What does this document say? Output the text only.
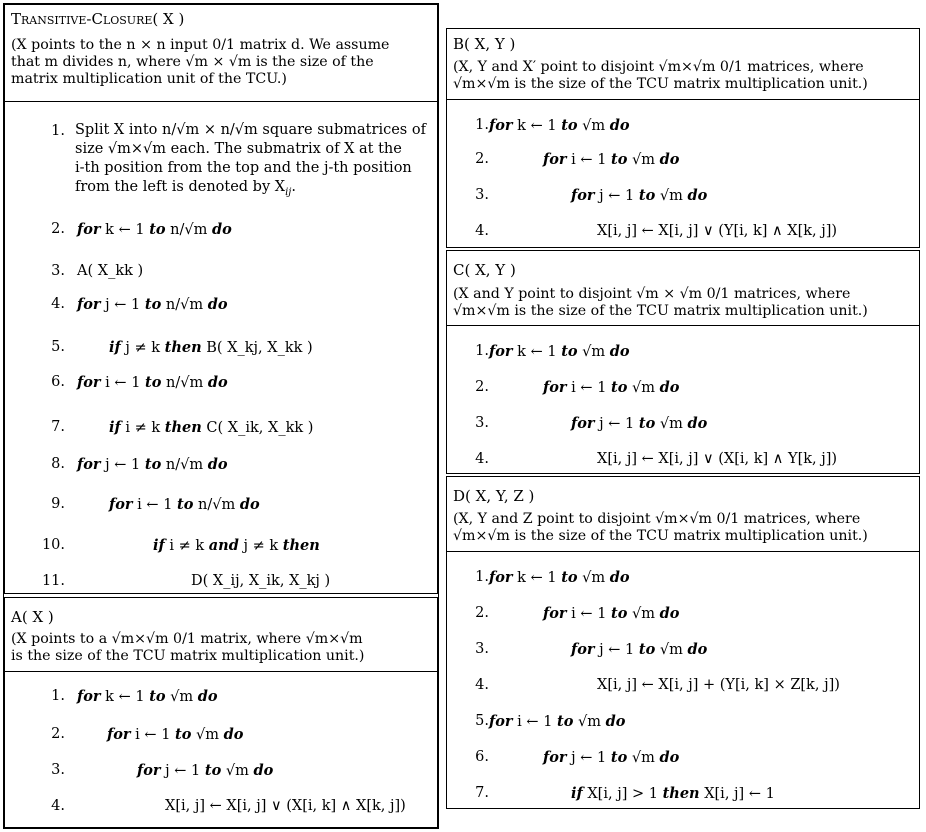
Transitive-Closure( X )
(X points to the n × n input 0/1 matrix d. We assume
that m divides n, where √m × √m is the size of the
matrix multiplication unit of the TCU.)
1 .	Split X into n/√m × n/√m square submatrices of
size √m×√m each. The submatrix of X at the
i-th position from the top and the j-th position
from the left is denoted by $X_{ij}$.
2 .	for k ← 1 to n/√m do
3 .	A( X_kk )
4 .	for j ← 1 to n/√m do
5 .	if j ≠ k then B( X_kj, X_kk )
6 .	for i ← 1 to n/√m do
7 .	if i ≠ k then C( X_ik, X_kk )
8 .	for j ← 1 to n/√m do
9 .	for i ← 1 to n/√m do
10 .	if i ≠ k and j ≠ k then
11 .	D( X_ij, X_ik, X_kj )
A( X )
(X points to a √m×√m 0/1 matrix, where √m×√m
is the size of the TCU matrix multiplication unit.)
1 .	for k ← 1 to √m do
2 .	for i ← 1 to √m do
3 .	for j ← 1 to √m do
4 .	X[i, j] ← X[i, j] ∨ (X[i, k] ∧ X[k, j])
B( X, Y )
(X, Y and X′ point to disjoint √m×√m 0/1 matrices, where
√m×√m is the size of the TCU matrix multiplication unit.)
1 . for k ← 1 to √m do
2 .	for i ← 1 to √m do
3 .	for j ← 1 to √m do
4 .	X[i, j] ← X[i, j] ∨ (Y[i, k] ∧ X[k, j])
C( X, Y )
(X and Y point to disjoint √m × √m 0/1 matrices, where
√m×√m is the size of the TCU matrix multiplication unit.)
1 . for k ← 1 to √m do
2 .	for i ← 1 to √m do
3 .	for j ← 1 to √m do
4 .	X[i, j] ← X[i, j] ∨ (X[i, k] ∧ Y[k, j])
D( X, Y, Z )
(X, Y and Z point to disjoint √m×√m 0/1 matrices, where
√m×√m is the size of the TCU matrix multiplication unit.)
1 . for k ← 1 to √m do
2 .	for i ← 1 to √m do
3 .	for j ← 1 to √m do
4 .	X[i, j] ← X[i, j] + (Y[i, k] × Z[k, j])
5 . for i ← 1 to √m do
6 .	for j ← 1 to √m do
7 .	if X[i, j] > 1 then X[i, j] ← 1
